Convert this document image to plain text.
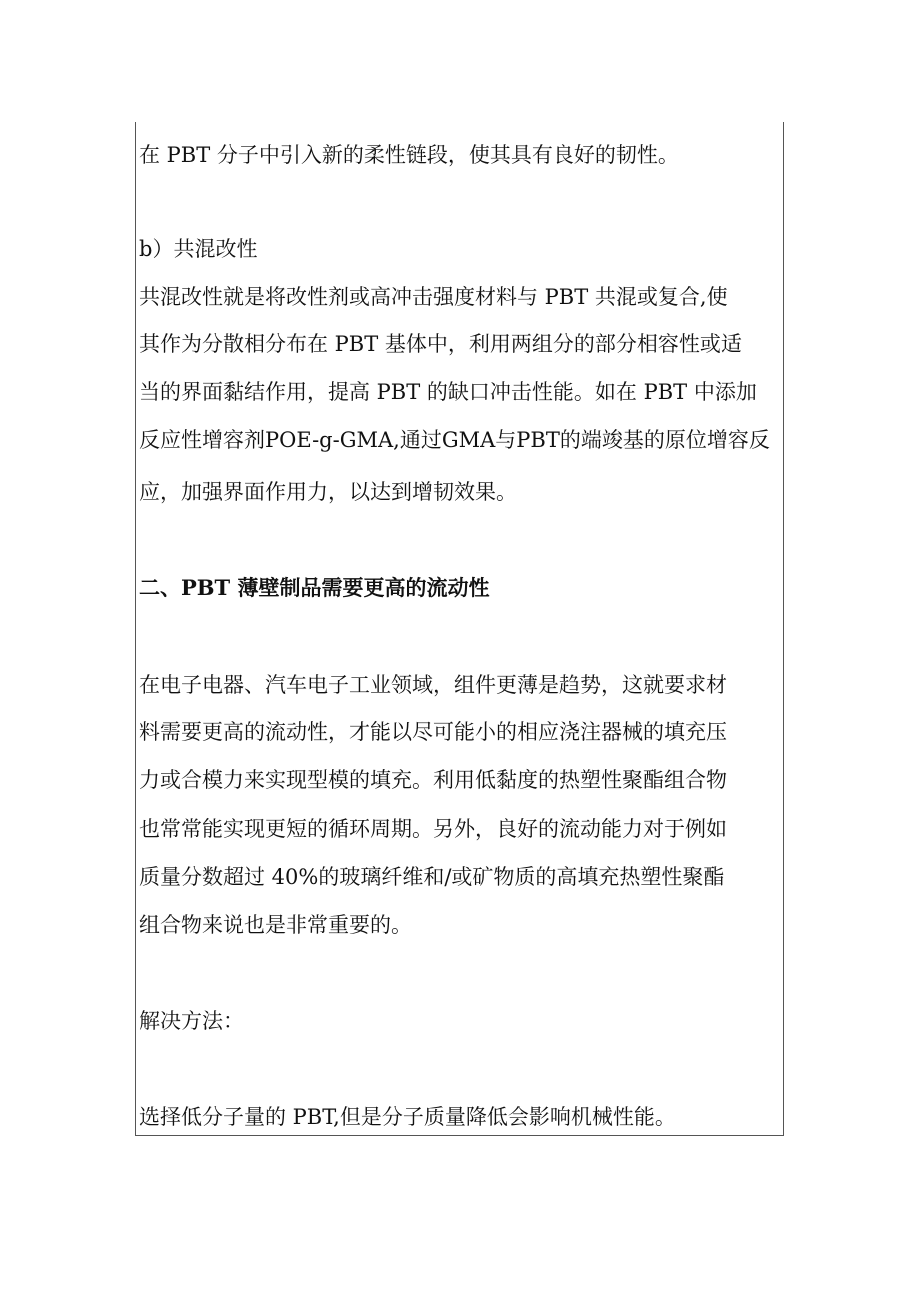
在 PBT 分子中引入新的柔性链段，使其具有良好的韧性。
b）共混改性
共混改性就是将改性剂或高冲击强度材料与 PBT 共混或复合,使
其作为分散相分布在 PBT 基体中，利用两组分的部分相容性或适
当的界面黏结作用，提高 PBT 的缺口冲击性能。如在 PBT 中添加
反应性增容剂POE-g-GMA,通过GMA与PBT的端竣基的原位增容反
应，加强界面作用力，以达到增韧效果。
二、PBT 薄壁制品需要更高的流动性
在电子电器、汽车电子工业领域，组件更薄是趋势，这就要求材
料需要更高的流动性，才能以尽可能小的相应浇注器械的填充压
力或合模力来实现型模的填充。利用低黏度的热塑性聚酯组合物
也常常能实现更短的循环周期。另外，良好的流动能力对于例如
质量分数超过 40%的玻璃纤维和/或矿物质的高填充热塑性聚酯
组合物来说也是非常重要的。
解决方法：
选择低分子量的 PBT,但是分子质量降低会影响机械性能。
